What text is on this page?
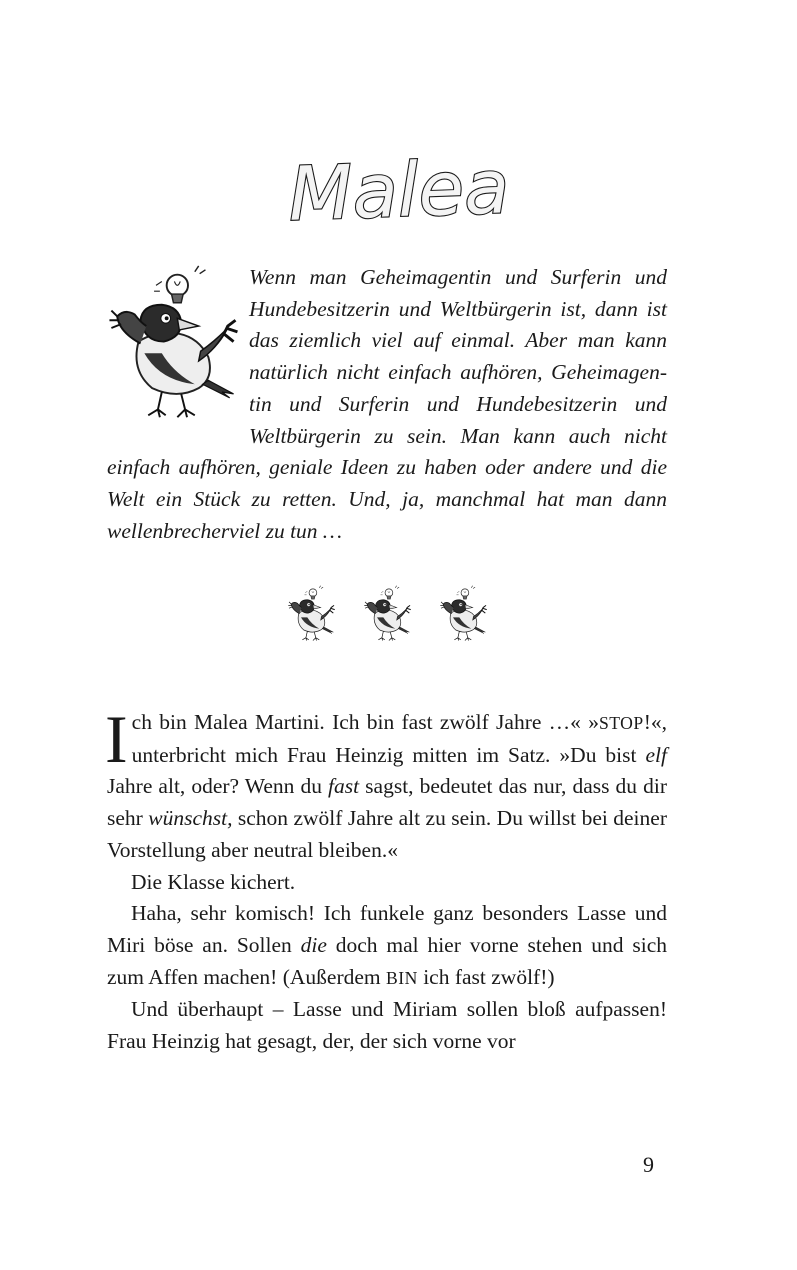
Malea
Wenn man Geheimagentin und Surferin und Hundebesitzerin und Weltbürgerin ist, dann ist das ziemlich viel auf einmal. Aber man kann natürlich nicht einfach aufhören, Geheimagentin und Surferin und Hundebesitzerin und Weltbürgerin zu sein. Man kann auch nicht einfach aufhören, geniale Ideen zu haben oder andere und die Welt ein Stück zu retten. Und, ja, manchmal hat man dann wellenbrecherviel zu tun …

Ich bin Malea Martini. Ich bin fast zwölf Jahre …« »STOP!«, unterbricht mich Frau Heinzig mitten im Satz. »Du bist elf Jahre alt, oder? Wenn du fast sagst, bedeutet das nur, dass du dir sehr wünschst, schon zwölf Jahre alt zu sein. Du willst bei deiner Vorstellung aber neutral bleiben.«

Die Klasse kichert.

Haha, sehr komisch! Ich funkele ganz besonders Lasse und Miri böse an. Sollen die doch mal hier vorne stehen und sich zum Affen machen! (Außerdem BIN ich fast zwölf!)

Und überhaupt – Lasse und Miriam sollen bloß aufpassen! Frau Heinzig hat gesagt, der, der sich vorne vor

9
